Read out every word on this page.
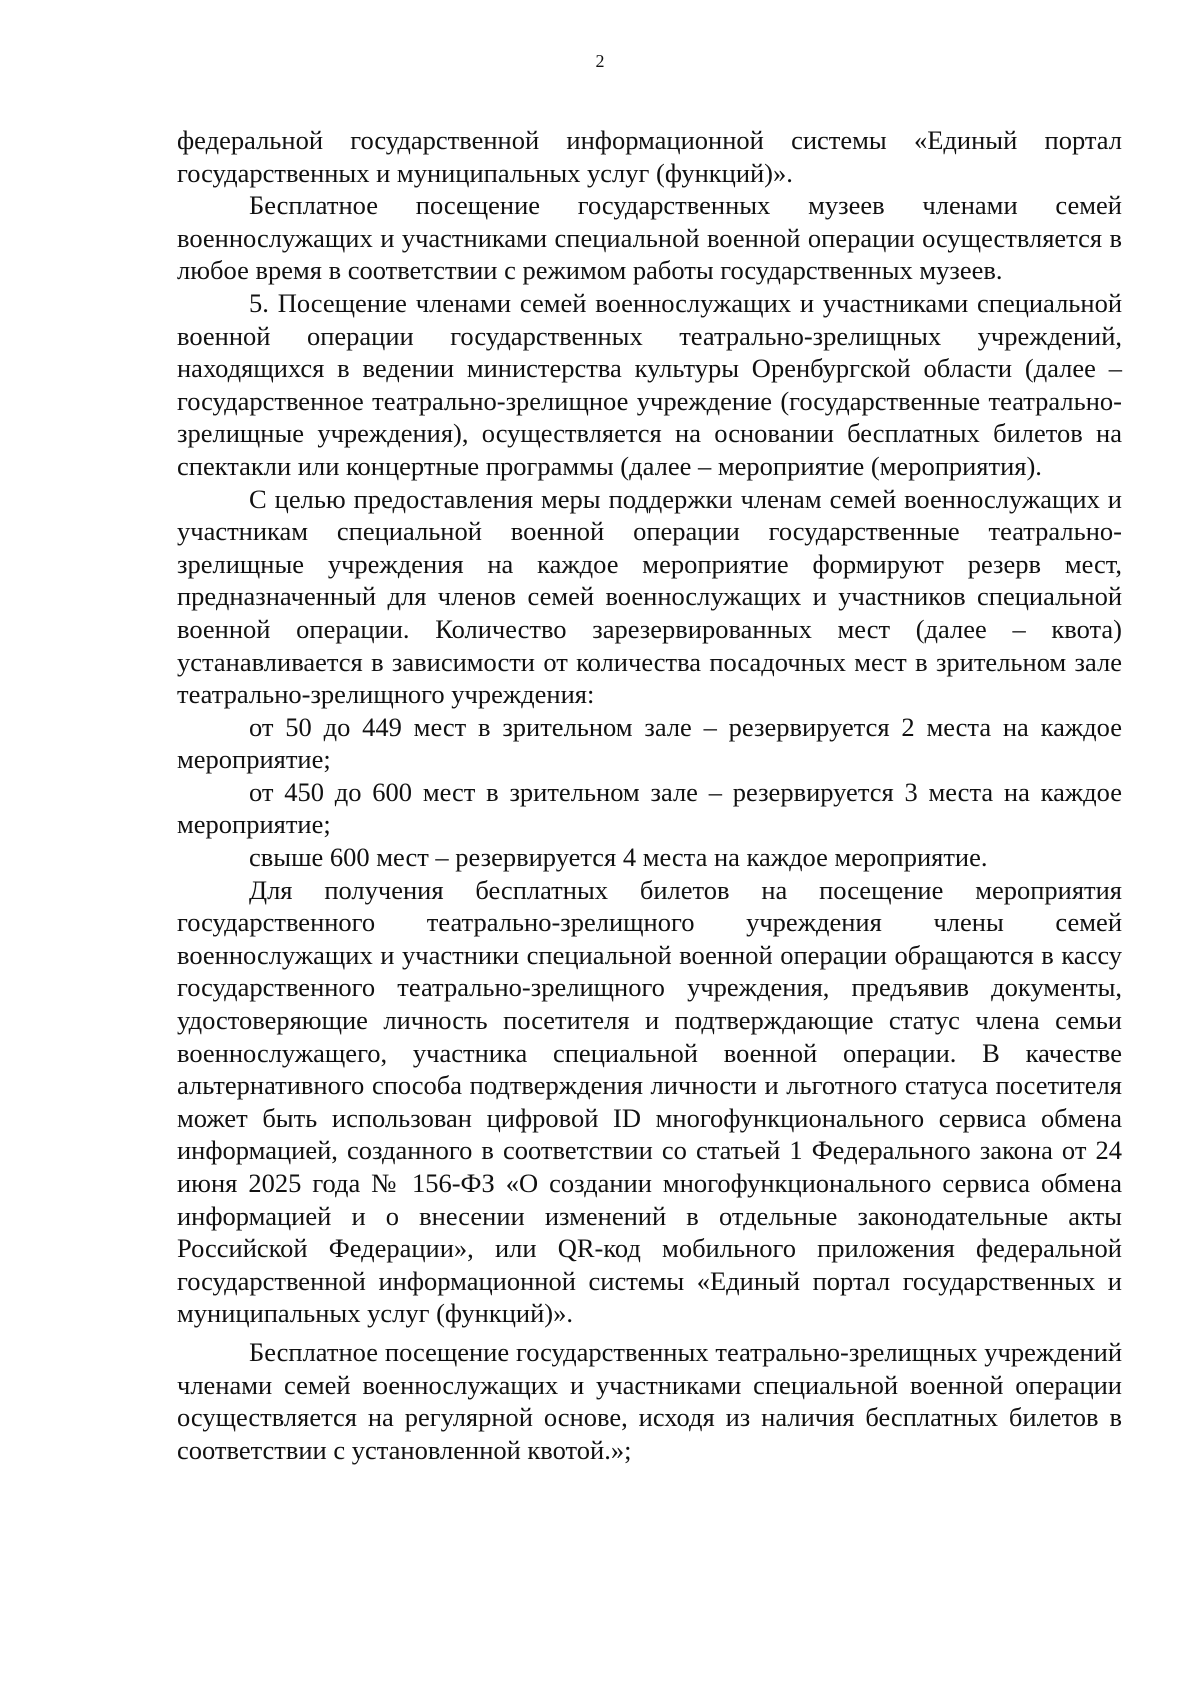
2

федеральной государственной информационной системы «Единый портал государственных и муниципальных услуг (функций)».

Бесплатное посещение государственных музеев членами семей военнослужащих и участниками специальной военной операции осуществляется в любое время в соответствии с режимом работы государственных музеев.

5. Посещение членами семей военнослужащих и участниками специальной военной операции государственных театрально-зрелищных учреждений, находящихся в ведении министерства культуры Оренбургской области (далее – государственное театрально-зрелищное учреждение (государственные театрально-зрелищные учреждения), осуществляется на основании бесплатных билетов на спектакли или концертные программы (далее – мероприятие (мероприятия).

С целью предоставления меры поддержки членам семей военнослужащих и участникам специальной военной операции государственные театрально-зрелищные учреждения на каждое мероприятие формируют резерв мест, предназначенный для членов семей военнослужащих и участников специальной военной операции. Количество зарезервированных мест (далее – квота) устанавливается в зависимости от количества посадочных мест в зрительном зале театрально-зрелищного учреждения:

от 50 до 449 мест в зрительном зале – резервируется 2 места на каждое мероприятие;

от 450 до 600 мест в зрительном зале – резервируется 3 места на каждое мероприятие;

свыше 600 мест – резервируется 4 места на каждое мероприятие.

Для получения бесплатных билетов на посещение мероприятия государственного театрально-зрелищного учреждения члены семей военнослужащих и участники специальной военной операции обращаются в кассу государственного театрально-зрелищного учреждения, предъявив документы, удостоверяющие личность посетителя и подтверждающие статус члена семьи военнослужащего, участника специальной военной операции. В качестве альтернативного способа подтверждения личности и льготного статуса посетителя может быть использован цифровой ID многофункционального сервиса обмена информацией, созданного в соответствии со статьей 1 Федерального закона от 24 июня 2025 года № 156-ФЗ «О создании многофункционального сервиса обмена информацией и о внесении изменений в отдельные законодательные акты Российской Федерации», или QR-код мобильного приложения федеральной государственной информационной системы «Единый портал государственных и муниципальных услуг (функций)».

Бесплатное посещение государственных театрально-зрелищных учреждений членами семей военнослужащих и участниками специальной военной операции осуществляется на регулярной основе, исходя из наличия бесплатных билетов в соответствии с установленной квотой.»;
